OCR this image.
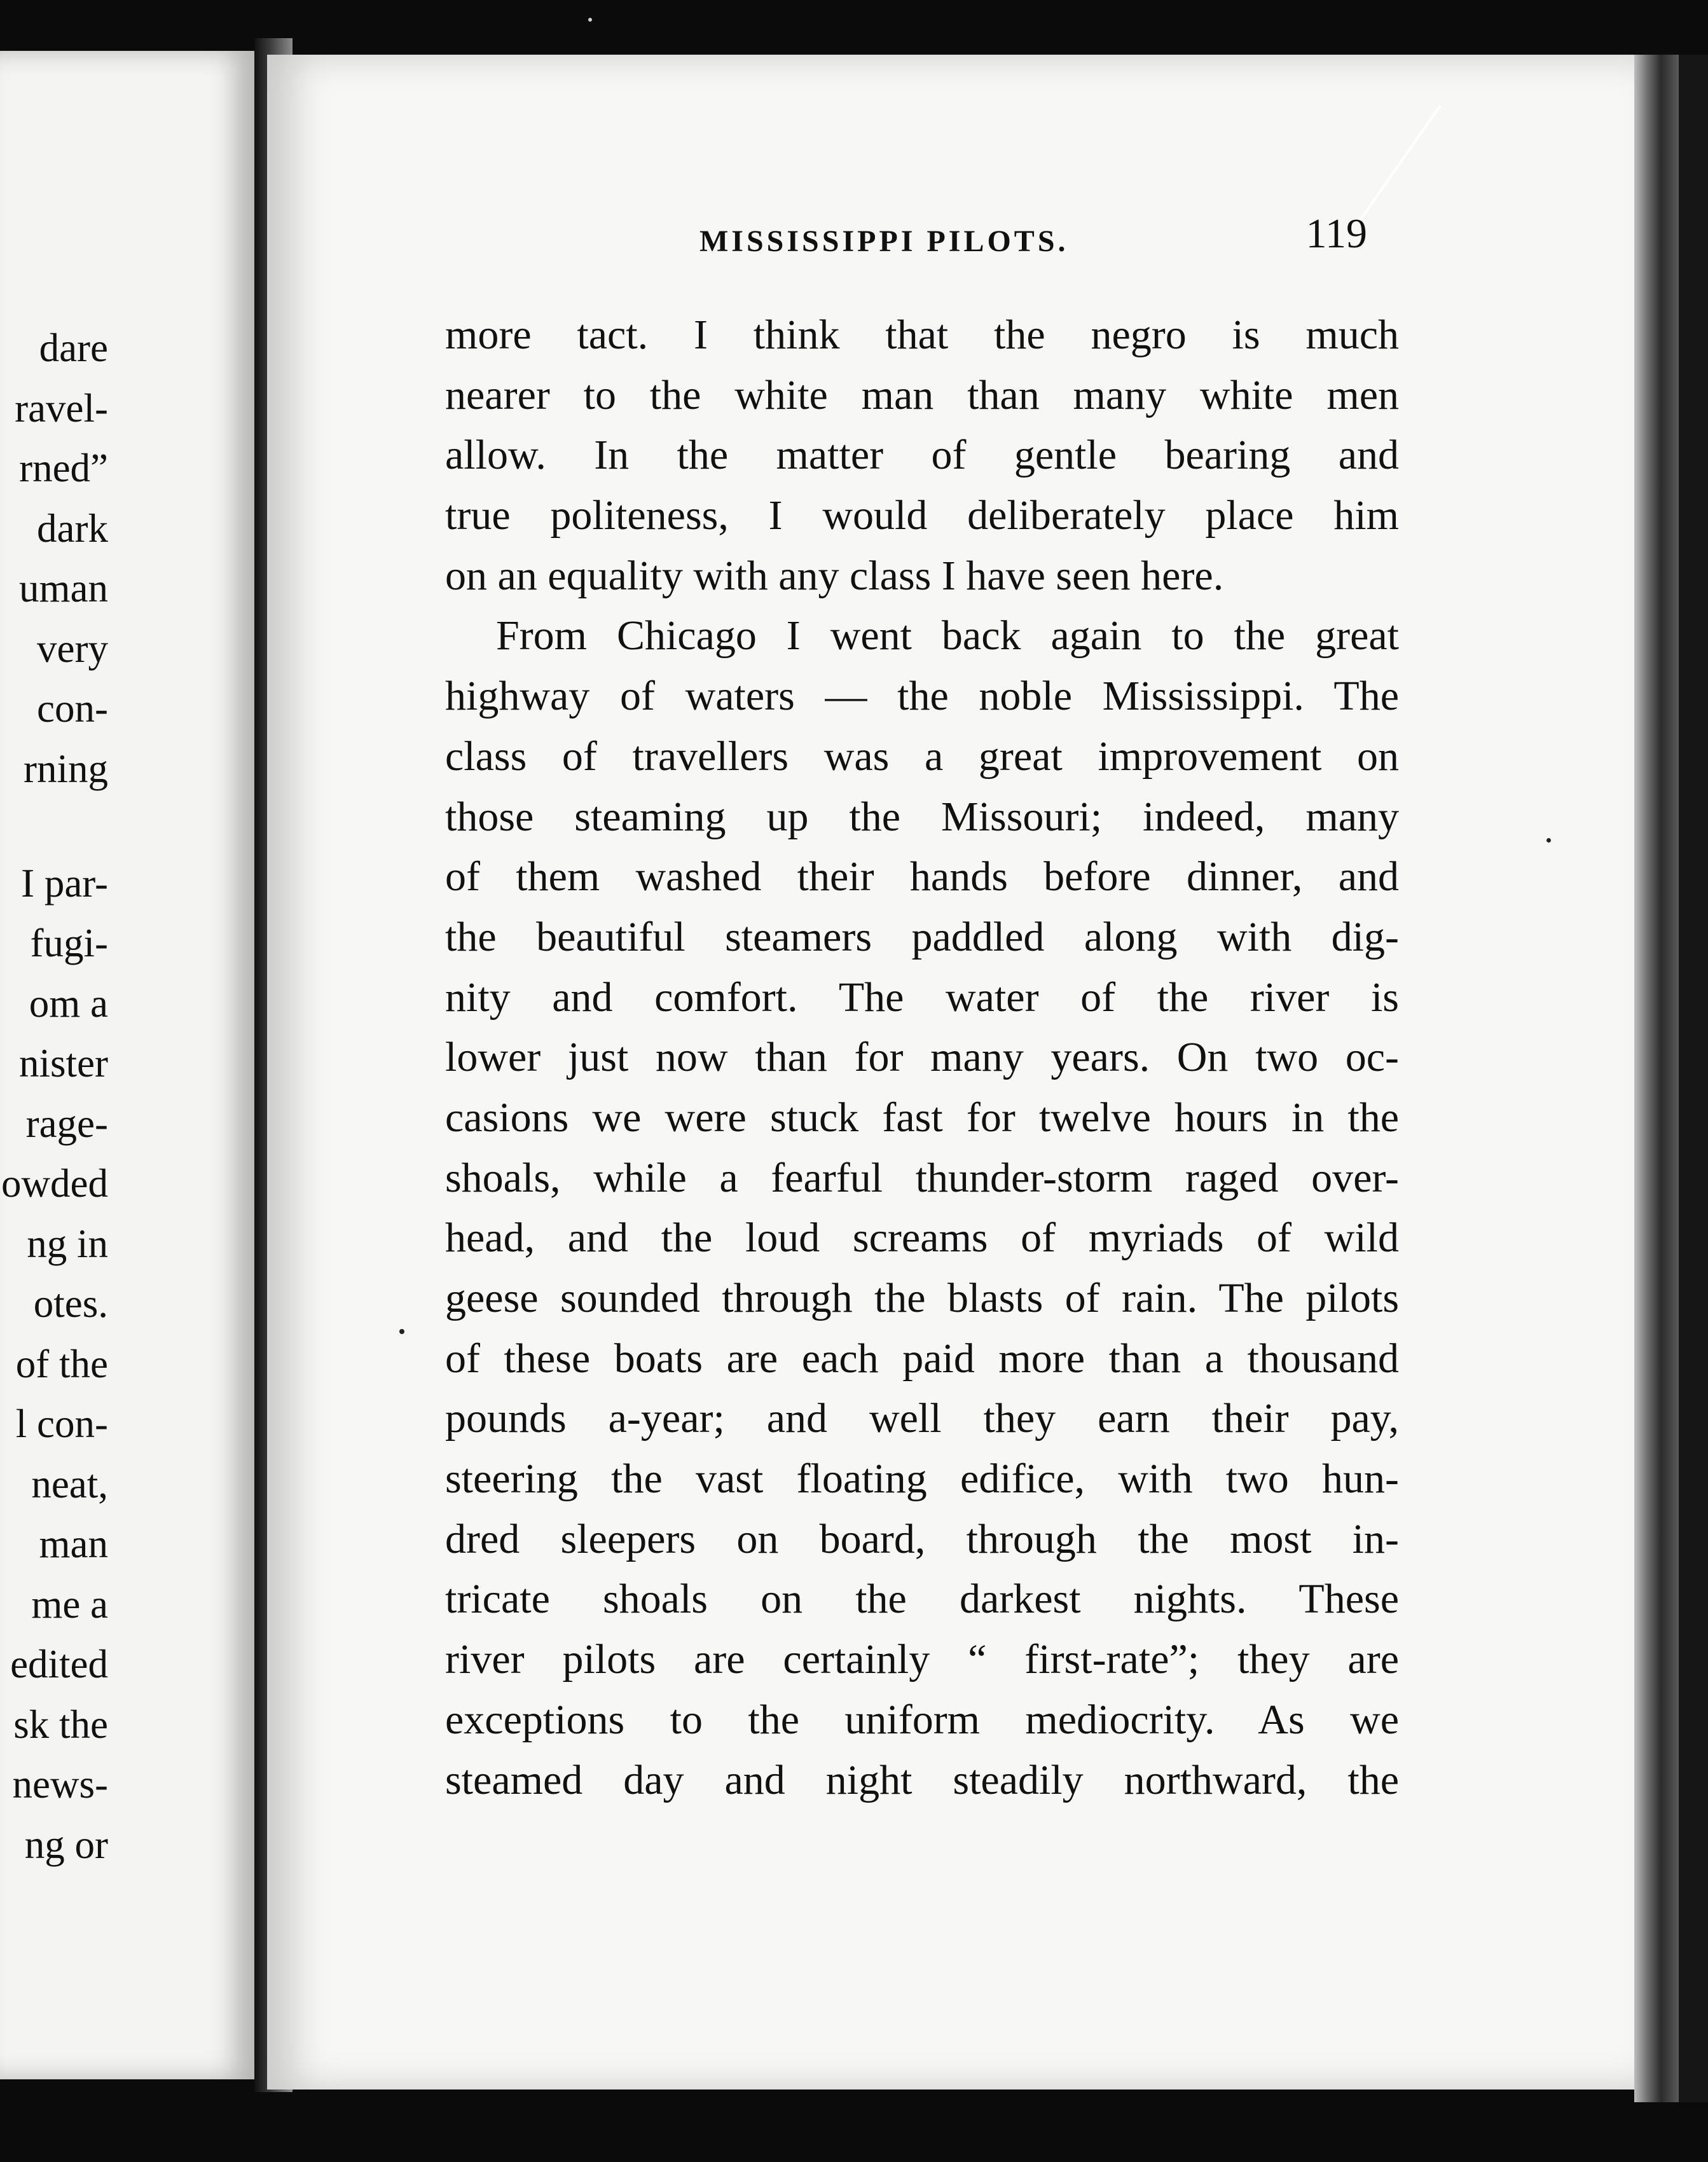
dare
ravel-
rned”
dark
uman
very
con-
rning
I par-
fugi-
om a
nister
rage-
owded
ng in
otes.
of the
l con-
neat,
man
me a
edited
sk the
news-
ng or
MISSISSIPPI PILOTS.	119
more tact. I think that the negro is much
nearer to the white man than many white men
allow. In the matter of gentle bearing and
true politeness, I would deliberately place him
on an equality with any class I have seen here.
From Chicago I went back again to the great
highway of waters — the noble Mississippi. The
class of travellers was a great improvement on
those steaming up the Missouri; indeed, many
of them washed their hands before dinner, and
the beautiful steamers paddled along with dig-
nity and comfort. The water of the river is
lower just now than for many years. On two oc-
casions we were stuck fast for twelve hours in the
shoals, while a fearful thunder-storm raged over-
head, and the loud screams of myriads of wild
geese sounded through the blasts of rain. The pilots
of these boats are each paid more than a thousand
pounds a-year; and well they earn their pay,
steering the vast floating edifice, with two hun-
dred sleepers on board, through the most in-
tricate shoals on the darkest nights. These
river pilots are certainly “ first-rate”; they are
exceptions to the uniform mediocrity. As we
steamed day and night steadily northward, the
